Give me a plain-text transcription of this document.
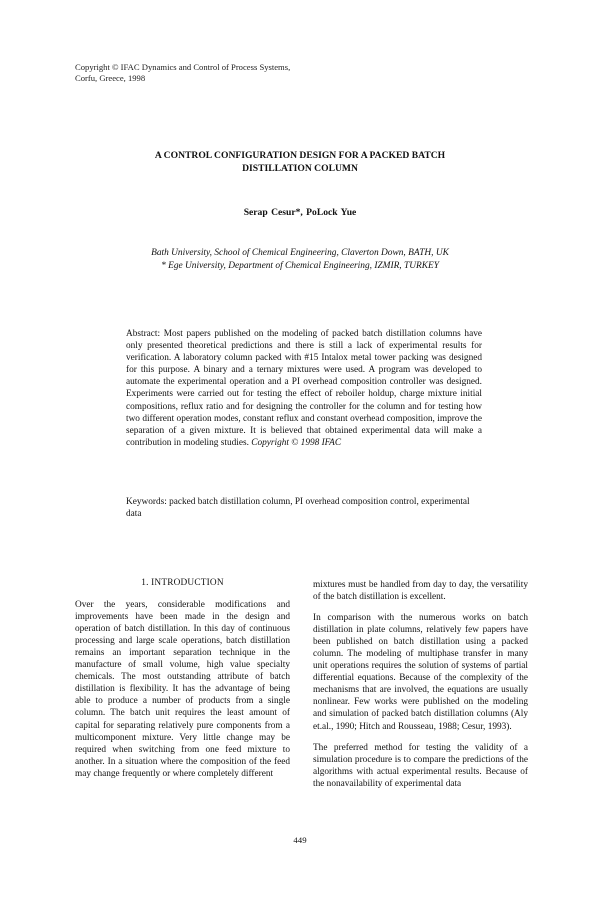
Copyright © IFAC Dynamics and Control of Process Systems,
Corfu, Greece, 1998
A CONTROL CONFIGURATION DESIGN FOR A PACKED BATCH
DISTILLATION COLUMN
Serap Cesur*, PoLock Yue
Bath University, School of Chemical Engineering, Claverton Down, BATH, UK
* Ege University, Department of Chemical Engineering, IZMIR, TURKEY
Abstract: Most papers published on the modeling of packed batch distillation columns have only presented theoretical predictions and there is still a lack of experimental results for verification. A laboratory column packed with #15 Intalox metal tower packing was designed for this purpose. A binary and a ternary mixtures were used. A program was developed to automate the experimental operation and a PI overhead composition controller was designed. Experiments were carried out for testing the effect of reboiler holdup, charge mixture initial compositions, reflux ratio and for designing the controller for the column and for testing how two different operation modes, constant reflux and constant overhead composition, improve the separation of a given mixture. It is believed that obtained experimental data will make a contribution in modeling studies. Copyright © 1998 IFAC
Keywords: packed batch distillation column, PI overhead composition control, experimental data
1. INTRODUCTION
Over the years, considerable modifications and improvements have been made in the design and operation of batch distillation. In this day of continuous processing and large scale operations, batch distillation remains an important separation technique in the manufacture of small volume, high value specialty chemicals. The most outstanding attribute of batch distillation is flexibility. It has the advantage of being able to produce a number of products from a single column. The batch unit requires the least amount of capital for separating relatively pure components from a multicomponent mixture. Very little change may be required when switching from one feed mixture to another. In a situation where the composition of the feed may change frequently or where completely different
mixtures must be handled from day to day, the versatility of the batch distillation is excellent.
In comparison with the numerous works on batch distillation in plate columns, relatively few papers have been published on batch distillation using a packed column. The modeling of multiphase transfer in many unit operations requires the solution of systems of partial differential equations. Because of the complexity of the mechanisms that are involved, the equations are usually nonlinear. Few works were published on the modeling and simulation of packed batch distillation columns (Aly et.al., 1990; Hitch and Rousseau, 1988; Cesur, 1993).
The preferred method for testing the validity of a simulation procedure is to compare the predictions of the algorithms with actual experimental results. Because of the nonavailability of experimental data
449
